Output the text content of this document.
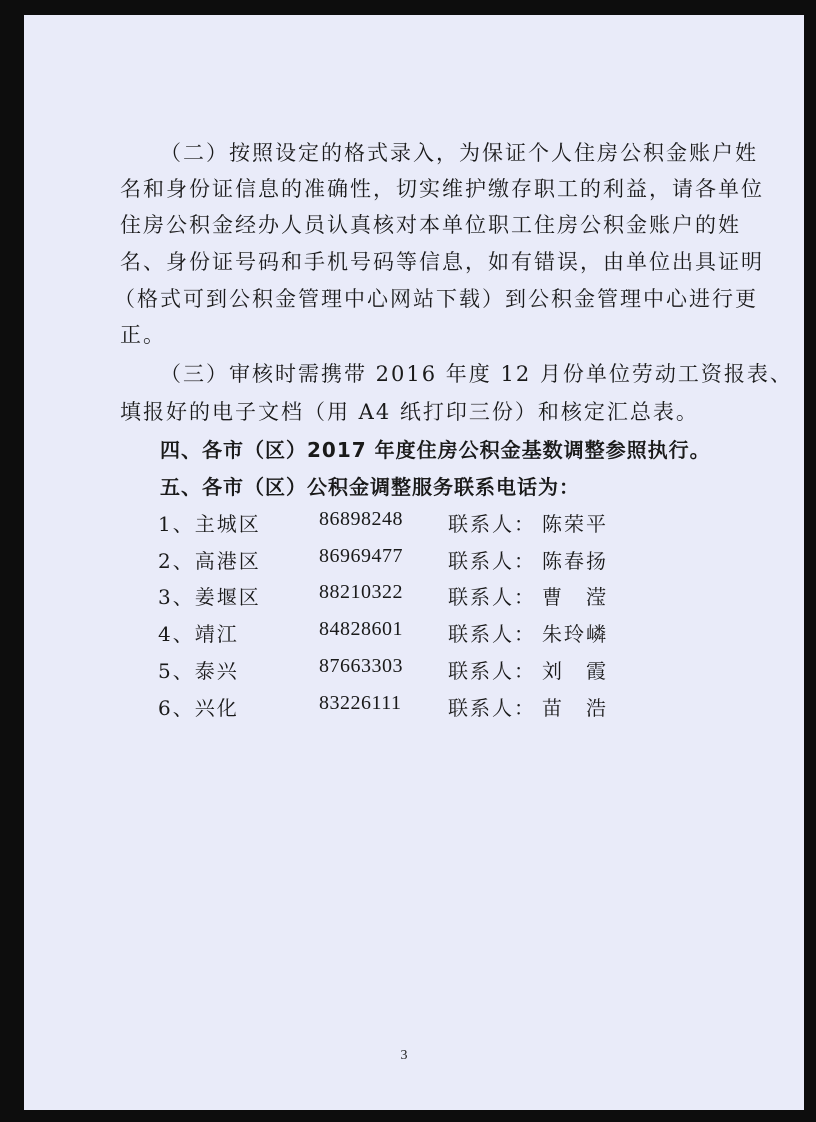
（二）按照设定的格式录入，为保证个人住房公积金账户姓
名和身份证信息的准确性，切实维护缴存职工的利益，请各单位
住房公积金经办人员认真核对本单位职工住房公积金账户的姓
名、身份证号码和手机号码等信息，如有错误，由单位出具证明
（格式可到公积金管理中心网站下载）到公积金管理中心进行更
正。
（三）审核时需携带 2016 年度 12 月份单位劳动工资报表、
填报好的电子文档（用 A4 纸打印三份）和核定汇总表。
四、各市（区）2017 年度住房公积金基数调整参照执行。
五、各市（区）公积金调整服务联系电话为：
1、主城区	86898248 联系人： 陈荣平
2、高港区	86969477 联系人： 陈春扬
3、姜堰区	88210322 联系人： 曹　滢
4、靖江	84828601 联系人： 朱玲嶙
5、泰兴	87663303 联系人： 刘　霞
6、兴化	83226111 联系人： 苗　浩
3
